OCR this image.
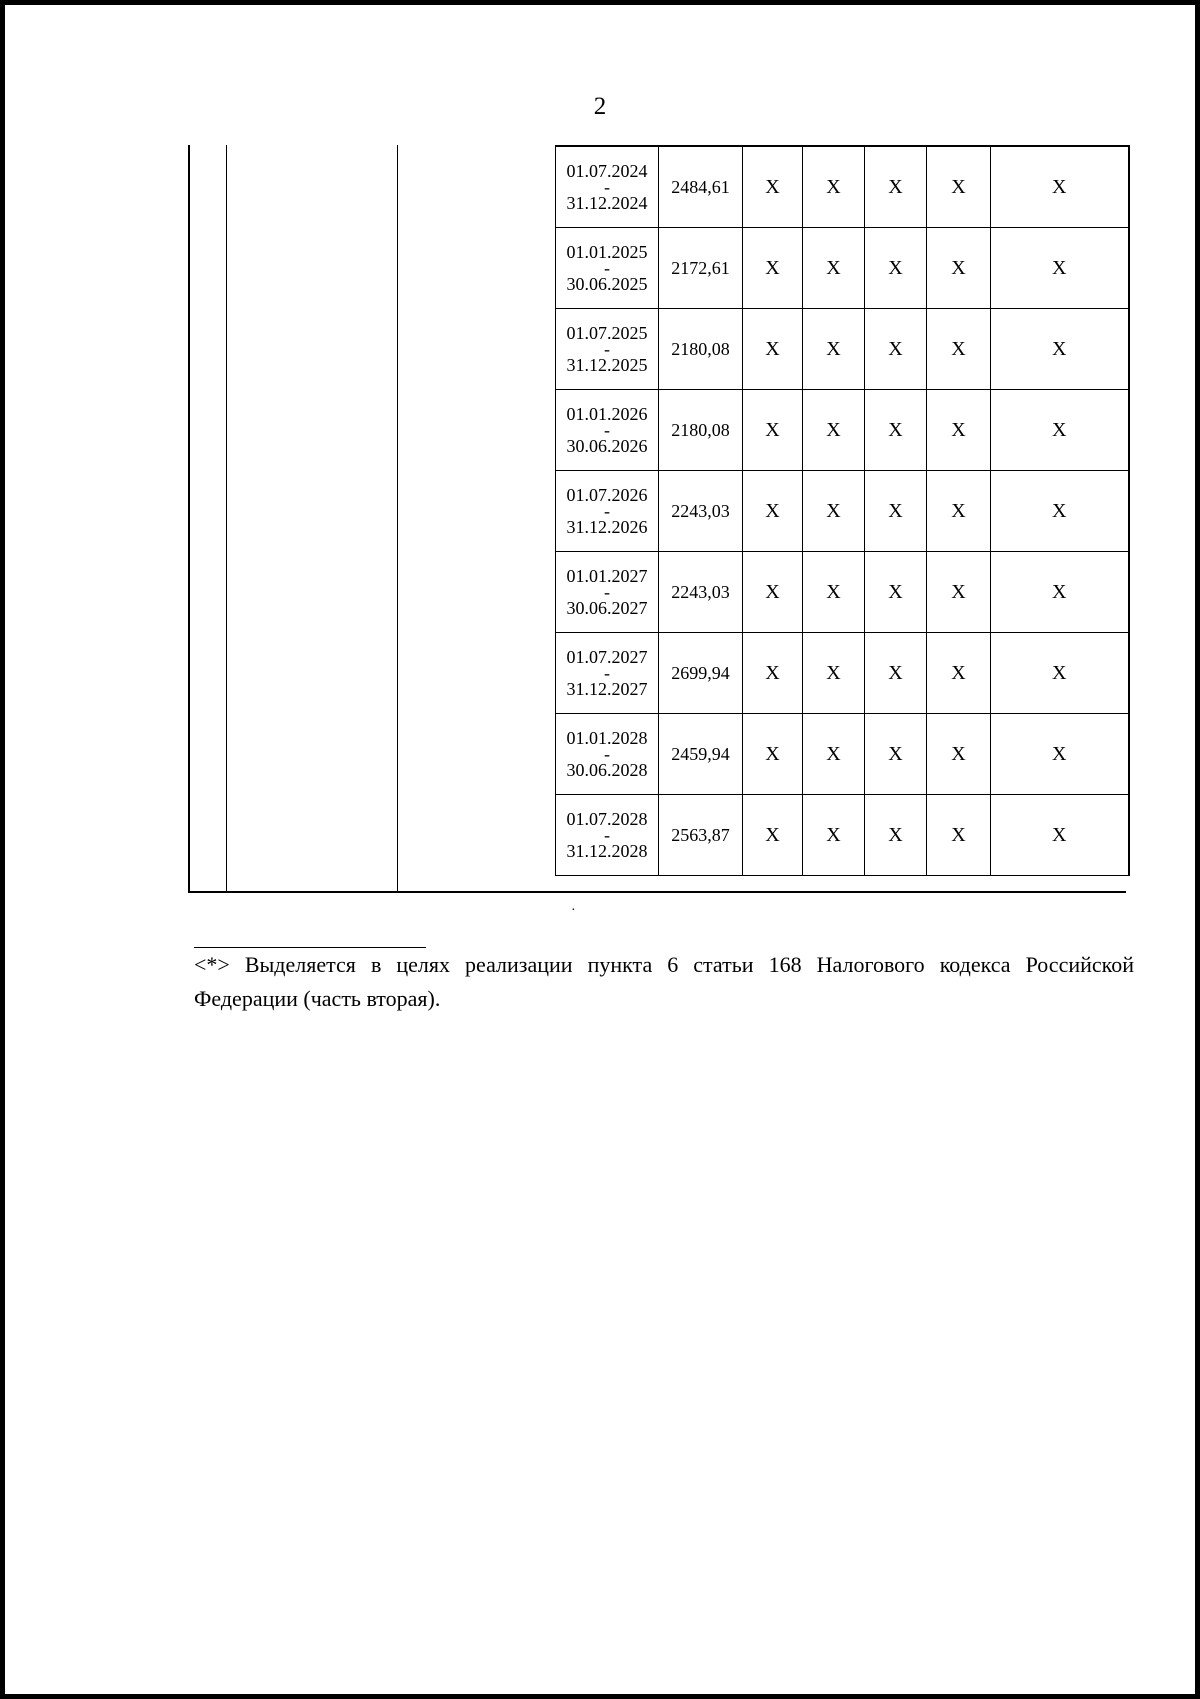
2
01.07.2024
-
31.12.2024	2484,61	X	X	X	X	X

01.01.2025
-
30.06.2025	2172,61	X	X	X	X	X

01.07.2025
-
31.12.2025	2180,08	X	X	X	X	X

01.01.2026
-
30.06.2026	2180,08	X	X	X	X	X

01.07.2026
-
31.12.2026	2243,03	X	X	X	X	X

01.01.2027
-
30.06.2027	2243,03	X	X	X	X	X

01.07.2027
-
31.12.2027	2699,94	X	X	X	X	X

01.01.2028
-
30.06.2028	2459,94	X	X	X	X	X

01.07.2028
-
31.12.2028	2563,87	X	X	X	X	X
·
<*> Выделяется в целях реализации пункта 6 статьи 168 Налогового кодекса Российской Федерации (часть вторая).
